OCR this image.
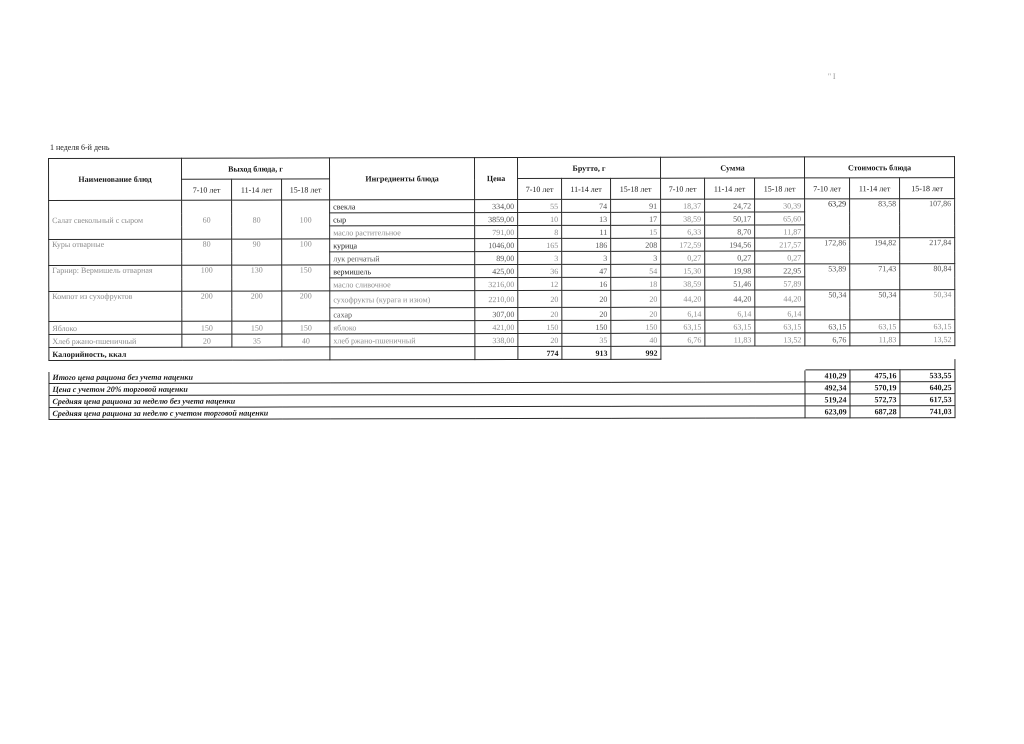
'' I
1 неделя 6-й день
Наименование блюд	Выход блюда, г			Ингредиенты блюда	Цена	Брутто, г			Сумма			Стоимость блюда		
	7-10 лет	11-14 лет	15-18 лет			7-10 лет	11-14 лет	15-18 лет	7-10 лет	11-14 лет	15-18 лет	7-10 лет	11-14 лет	15-18 лет
Салат свекольный с сыром	60	80	100	свекла	334,00	55	74	91	18,37	24,72	30,39	63,29	83,58	107,86
				сыр	3859,00	10	13	17	38,59	50,17	65,60			
				масло растительное	791,00	8	11	15	6,33	8,70	11,87			
Куры отварные	80	90	100	курица	1046,00	165	186	208	172,59	194,56	217,57	172,86	194,82	217,84
				лук репчатый	89,00	3	3	3	0,27	0,27	0,27			
Гарнир: Вермишель отварная	100	130	150	вермишель	425,00	36	47	54	15,30	19,98	22,95	53,89	71,43	80,84
				масло сливочное	3216,00	12	16	18	38,59	51,46	57,89			
Компот из сухофруктов	200	200	200	сухофрукты (курага и изюм)	2210,00	20	20	20	44,20	44,20	44,20	50,34	50,34	50,34
				сахар	307,00	20	20	20	6,14	6,14	6,14			
Яблоко	150	150	150	яблоко	421,00	150	150	150	63,15	63,15	63,15	63,15	63,15	63,15
Хлеб ржано-пшеничный	20	35	40	хлеб ржано-пшеничный	338,00	20	35	40	6,76	11,83	13,52	6,76	11,83	13,52
Калорийность, ккал						774	913	992						

Итого цена рациона без учета наценки												410,29	475,16	533,55
Цена с учетом 20% торговой наценки												492,34	570,19	640,25
Средняя цена рациона за неделю без учета наценки												519,24	572,73	617,53
Средняя цена рациона за неделю с учетом торговой наценки												623,09	687,28	741,03
